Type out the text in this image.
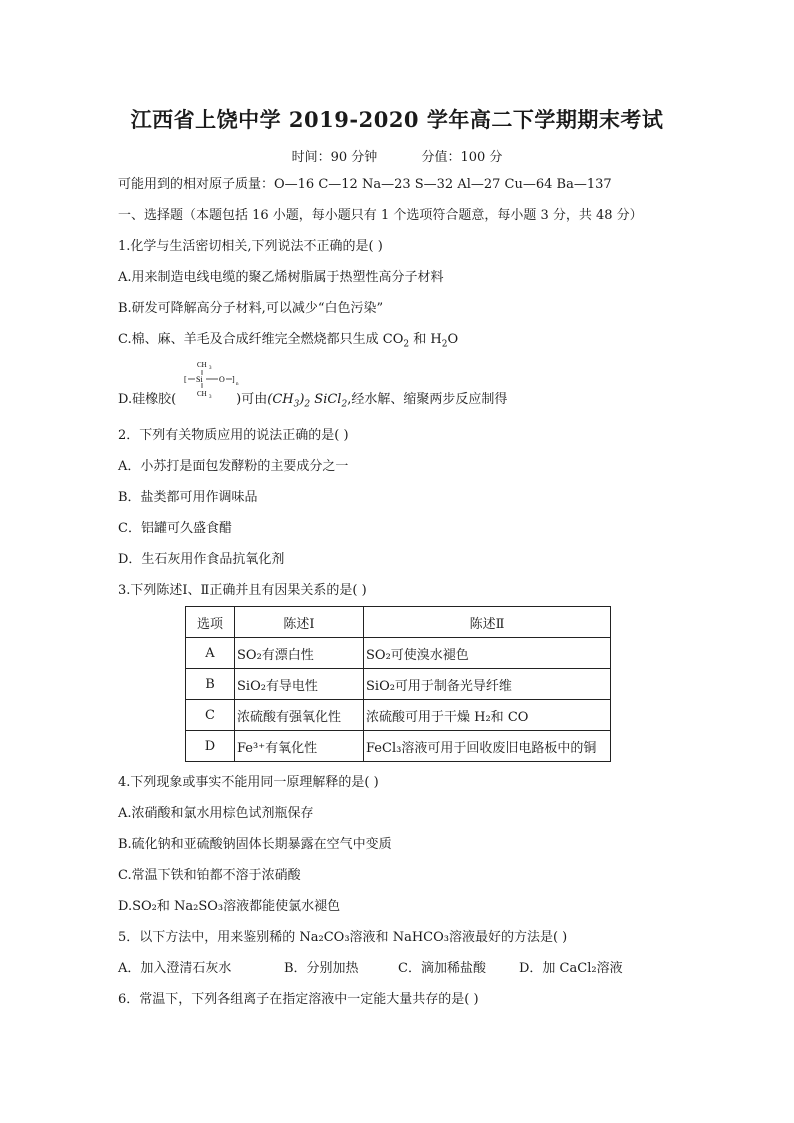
江西省上饶中学 2019-2020 学年高二下学期期末考试
时间：90 分钟	分值：100 分
可能用到的相对原子质量：O—16 C—12 Na—23 S—32 Al—27 Cu—64 Ba—137
一、选择题（本题包括 16 小题，每小题只有 1 个选项符合题意，每小题 3 分，共 48 分）
1.化学与生活密切相关,下列说法不正确的是( )
A.用来制造电线电缆的聚乙烯树脂属于热塑性高分子材料
B.研发可降解高分子材料,可以减少“白色污染”
C.棉、麻、羊毛及合成纤维完全燃烧都只生成 $CO_2$ 和 $H_2O$
CH 3
[ Si O ]
n
CH 3
D.硅橡胶(	)可由$(CH_3)_2$ SiCl$_2$,经水解、缩聚两步反应制得
2．下列有关物质应用的说法正确的是( )
A．小苏打是面包发酵粉的主要成分之一
B．盐类都可用作调味品
C．铝罐可久盛食醋
D．生石灰用作食品抗氧化剂
3.下列陈述Ⅰ、Ⅱ正确并且有因果关系的是( )
选项	陈述Ⅰ	陈述Ⅱ
A	SO₂有漂白性	SO₂可使溴水褪色
B	SiO₂有导电性	SiO₂可用于制备光导纤维
C	浓硫酸有强氧化性	浓硫酸可用于干燥 H₂和 CO
D	Fe³⁺有氧化性	FeCl₃溶液可用于回收废旧电路板中的铜
4.下列现象或事实不能用同一原理解释的是( )
A.浓硝酸和氯水用棕色试剂瓶保存
B.硫化钠和亚硫酸钠固体长期暴露在空气中变质
C.常温下铁和铂都不溶于浓硝酸
D.SO₂和 Na₂SO₃溶液都能使氯水褪色
5．以下方法中，用来鉴别稀的 Na₂CO₃溶液和 NaHCO₃溶液最好的方法是( )
A．加入澄清石灰水	B．分别加热	C．滴加稀盐酸	D．加 CaCl₂溶液
6．常温下，下列各组离子在指定溶液中一定能大量共存的是( )
